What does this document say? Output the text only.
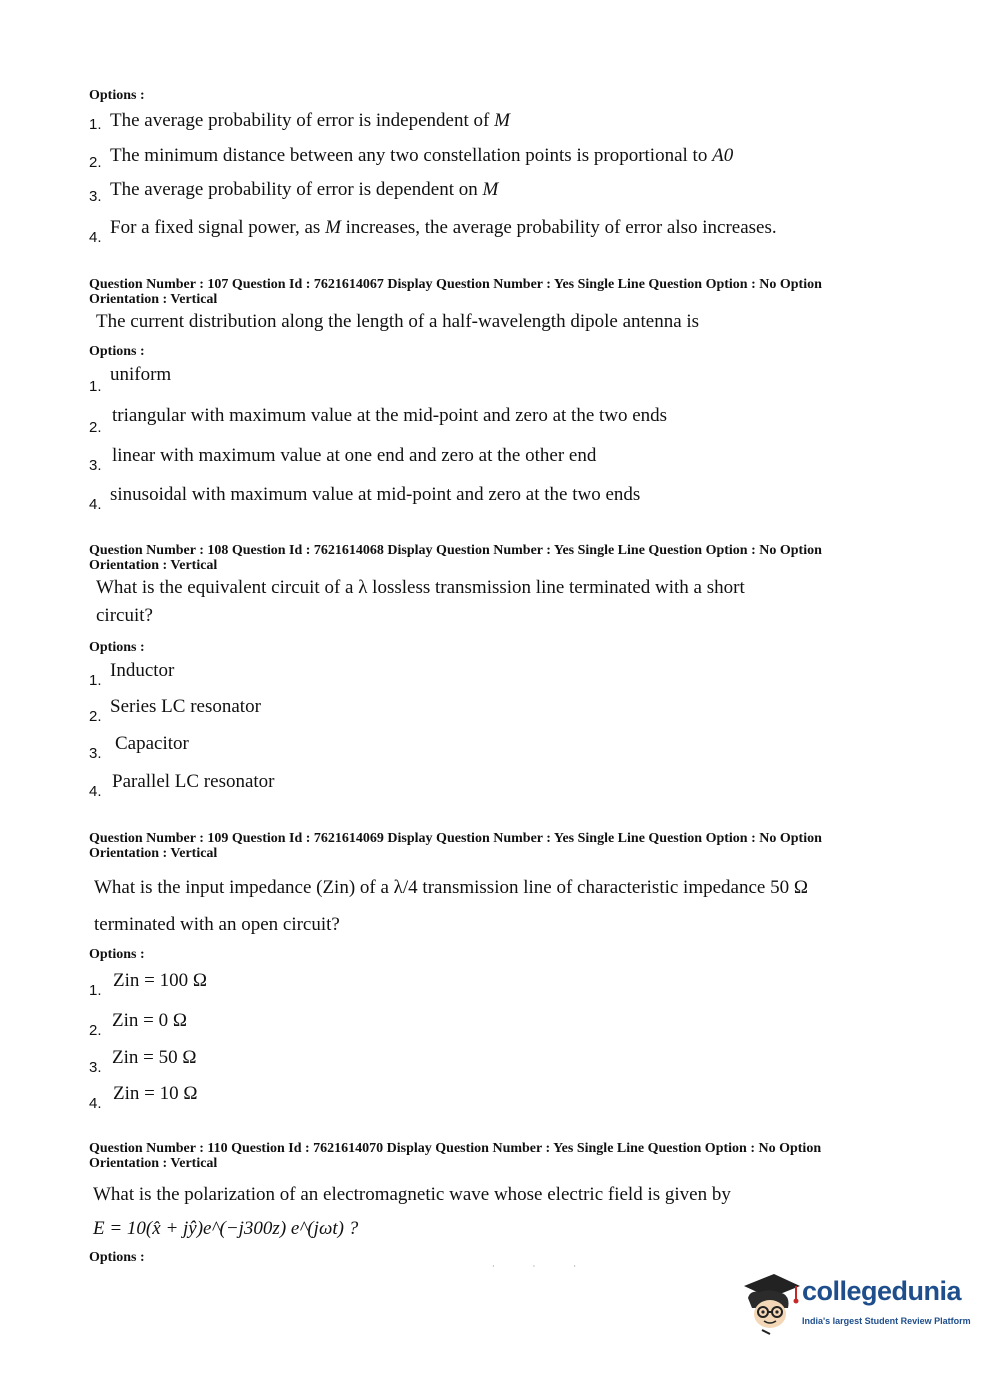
Options :
1. The average probability of error is independent of M
2. The minimum distance between any two constellation points is proportional to A0
3. The average probability of error is dependent on M
4. For a fixed signal power, as M increases, the average probability of error also increases.
Question Number : 107 Question Id : 7621614067 Display Question Number : Yes Single Line Question Option : No Option
Orientation : Vertical
The current distribution along the length of a half-wavelength dipole antenna is
Options :
1.
uniform
2.
triangular with maximum value at the mid-point and zero at the two ends
3. linear with maximum value at one end and zero at the other end
4. sinusoidal with maximum value at mid-point and zero at the two ends
Question Number : 108 Question Id : 7621614068 Display Question Number : Yes Single Line Question Option : No Option
Orientation : Vertical
What is the equivalent circuit of a λ lossless transmission line terminated with a short
circuit?
Options :
1. Inductor
2. Series LC resonator
3. Capacitor
4. Parallel LC resonator
Question Number : 109 Question Id : 7621614069 Display Question Number : Yes Single Line Question Option : No Option
Orientation : Vertical
What is the input impedance (Zin) of a λ/4 transmission line of characteristic impedance 50 Ω
terminated with an open circuit?
Options :
1. Zin = 100 Ω
2. Zin = 0 Ω
3. Zin = 50 Ω
4. Zin = 10 Ω
Question Number : 110 Question Id : 7621614070 Display Question Number : Yes Single Line Question Option : No Option
Orientation : Vertical
What is the polarization of an electromagnetic wave whose electric field is given by
E = 10(x̂ + jŷ)e^(−j300z) e^(jωt) ?
Options :
· · ·
collegedunia
India's largest Student Review Platform
